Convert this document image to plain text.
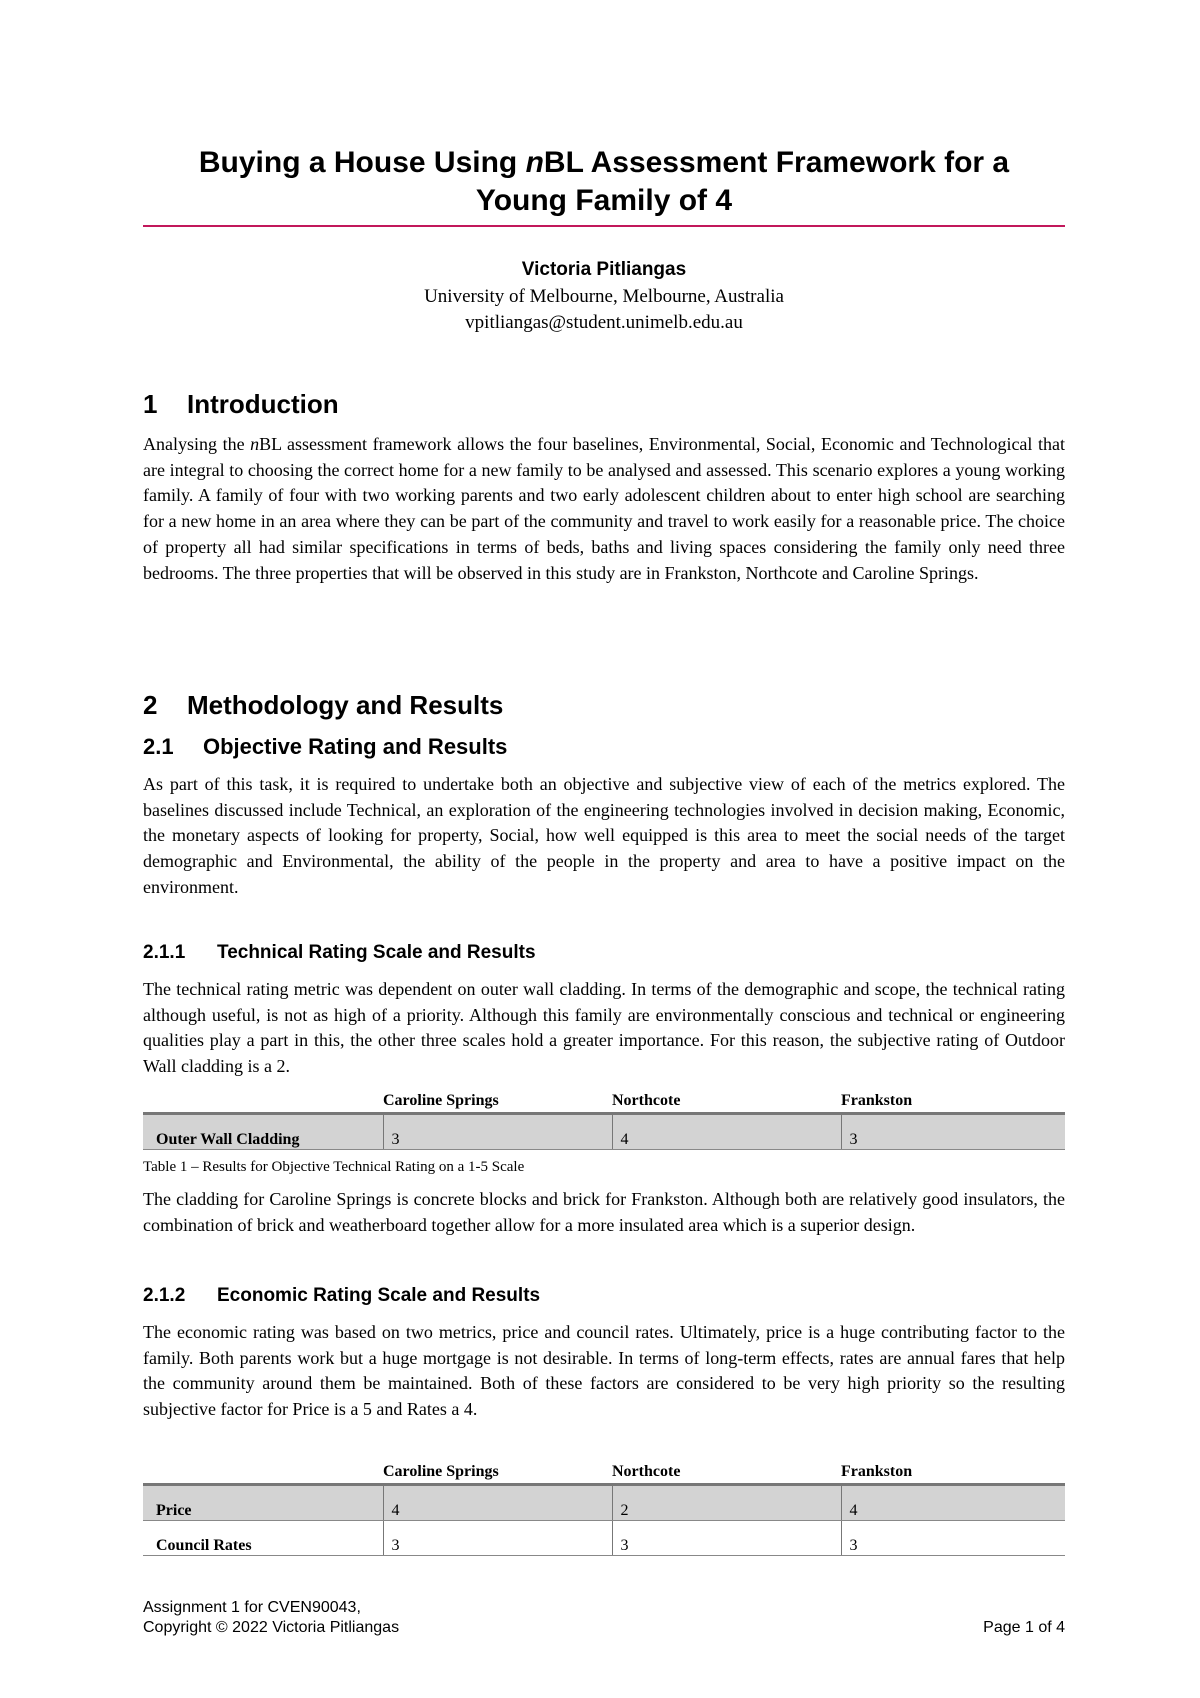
Buying a House Using nBL Assessment Framework for a
Young Family of 4
Victoria Pitliangas
University of Melbourne, Melbourne, Australia
vpitliangas@student.unimelb.edu.au
1 Introduction

Analysing the nBL assessment framework allows the four baselines, Environmental, Social, Economic and Technological that are integral to choosing the correct home for a new family to be analysed and assessed. This scenario explores a young working family. A family of four with two working parents and two early adolescent children about to enter high school are searching for a new home in an area where they can be part of the community and travel to work easily for a reasonable price. The choice of property all had similar specifications in terms of beds, baths and living spaces considering the family only need three bedrooms. The three properties that will be observed in this study are in Frankston, Northcote and Caroline Springs.

2 Methodology and Results
2.1 Objective Rating and Results

As part of this task, it is required to undertake both an objective and subjective view of each of the metrics explored. The baselines discussed include Technical, an exploration of the engineering technologies involved in decision making, Economic, the monetary aspects of looking for property, Social, how well equipped is this area to meet the social needs of the target demographic and Environmental, the ability of the people in the property and area to have a positive impact on the environment.

2.1.1 Technical Rating Scale and Results

The technical rating metric was dependent on outer wall cladding. In terms of the demographic and scope, the technical rating although useful, is not as high of a priority. Although this family are environmentally conscious and technical or engineering qualities play a part in this, the other three scales hold a greater importance. For this reason, the subjective rating of Outdoor Wall cladding is a 2.

	Caroline Springs	Northcote	Frankston
Outer Wall Cladding	3	4	3
Table 1 – Results for Objective Technical Rating on a 1-5 Scale

The cladding for Caroline Springs is concrete blocks and brick for Frankston. Although both are relatively good insulators, the combination of brick and weatherboard together allow for a more insulated area which is a superior design.

2.1.2 Economic Rating Scale and Results

The economic rating was based on two metrics, price and council rates. Ultimately, price is a huge contributing factor to the family. Both parents work but a huge mortgage is not desirable. In terms of long-term effects, rates are annual fares that help the community around them be maintained. Both of these factors are considered to be very high priority so the resulting subjective factor for Price is a 5 and Rates a 4.

	Caroline Springs	Northcote	Frankston
Price	4	2	4
Council Rates	3	3	3
Assignment 1 for CVEN90043,
Copyright © 2022 Victoria Pitliangas	Page 1 of 4
